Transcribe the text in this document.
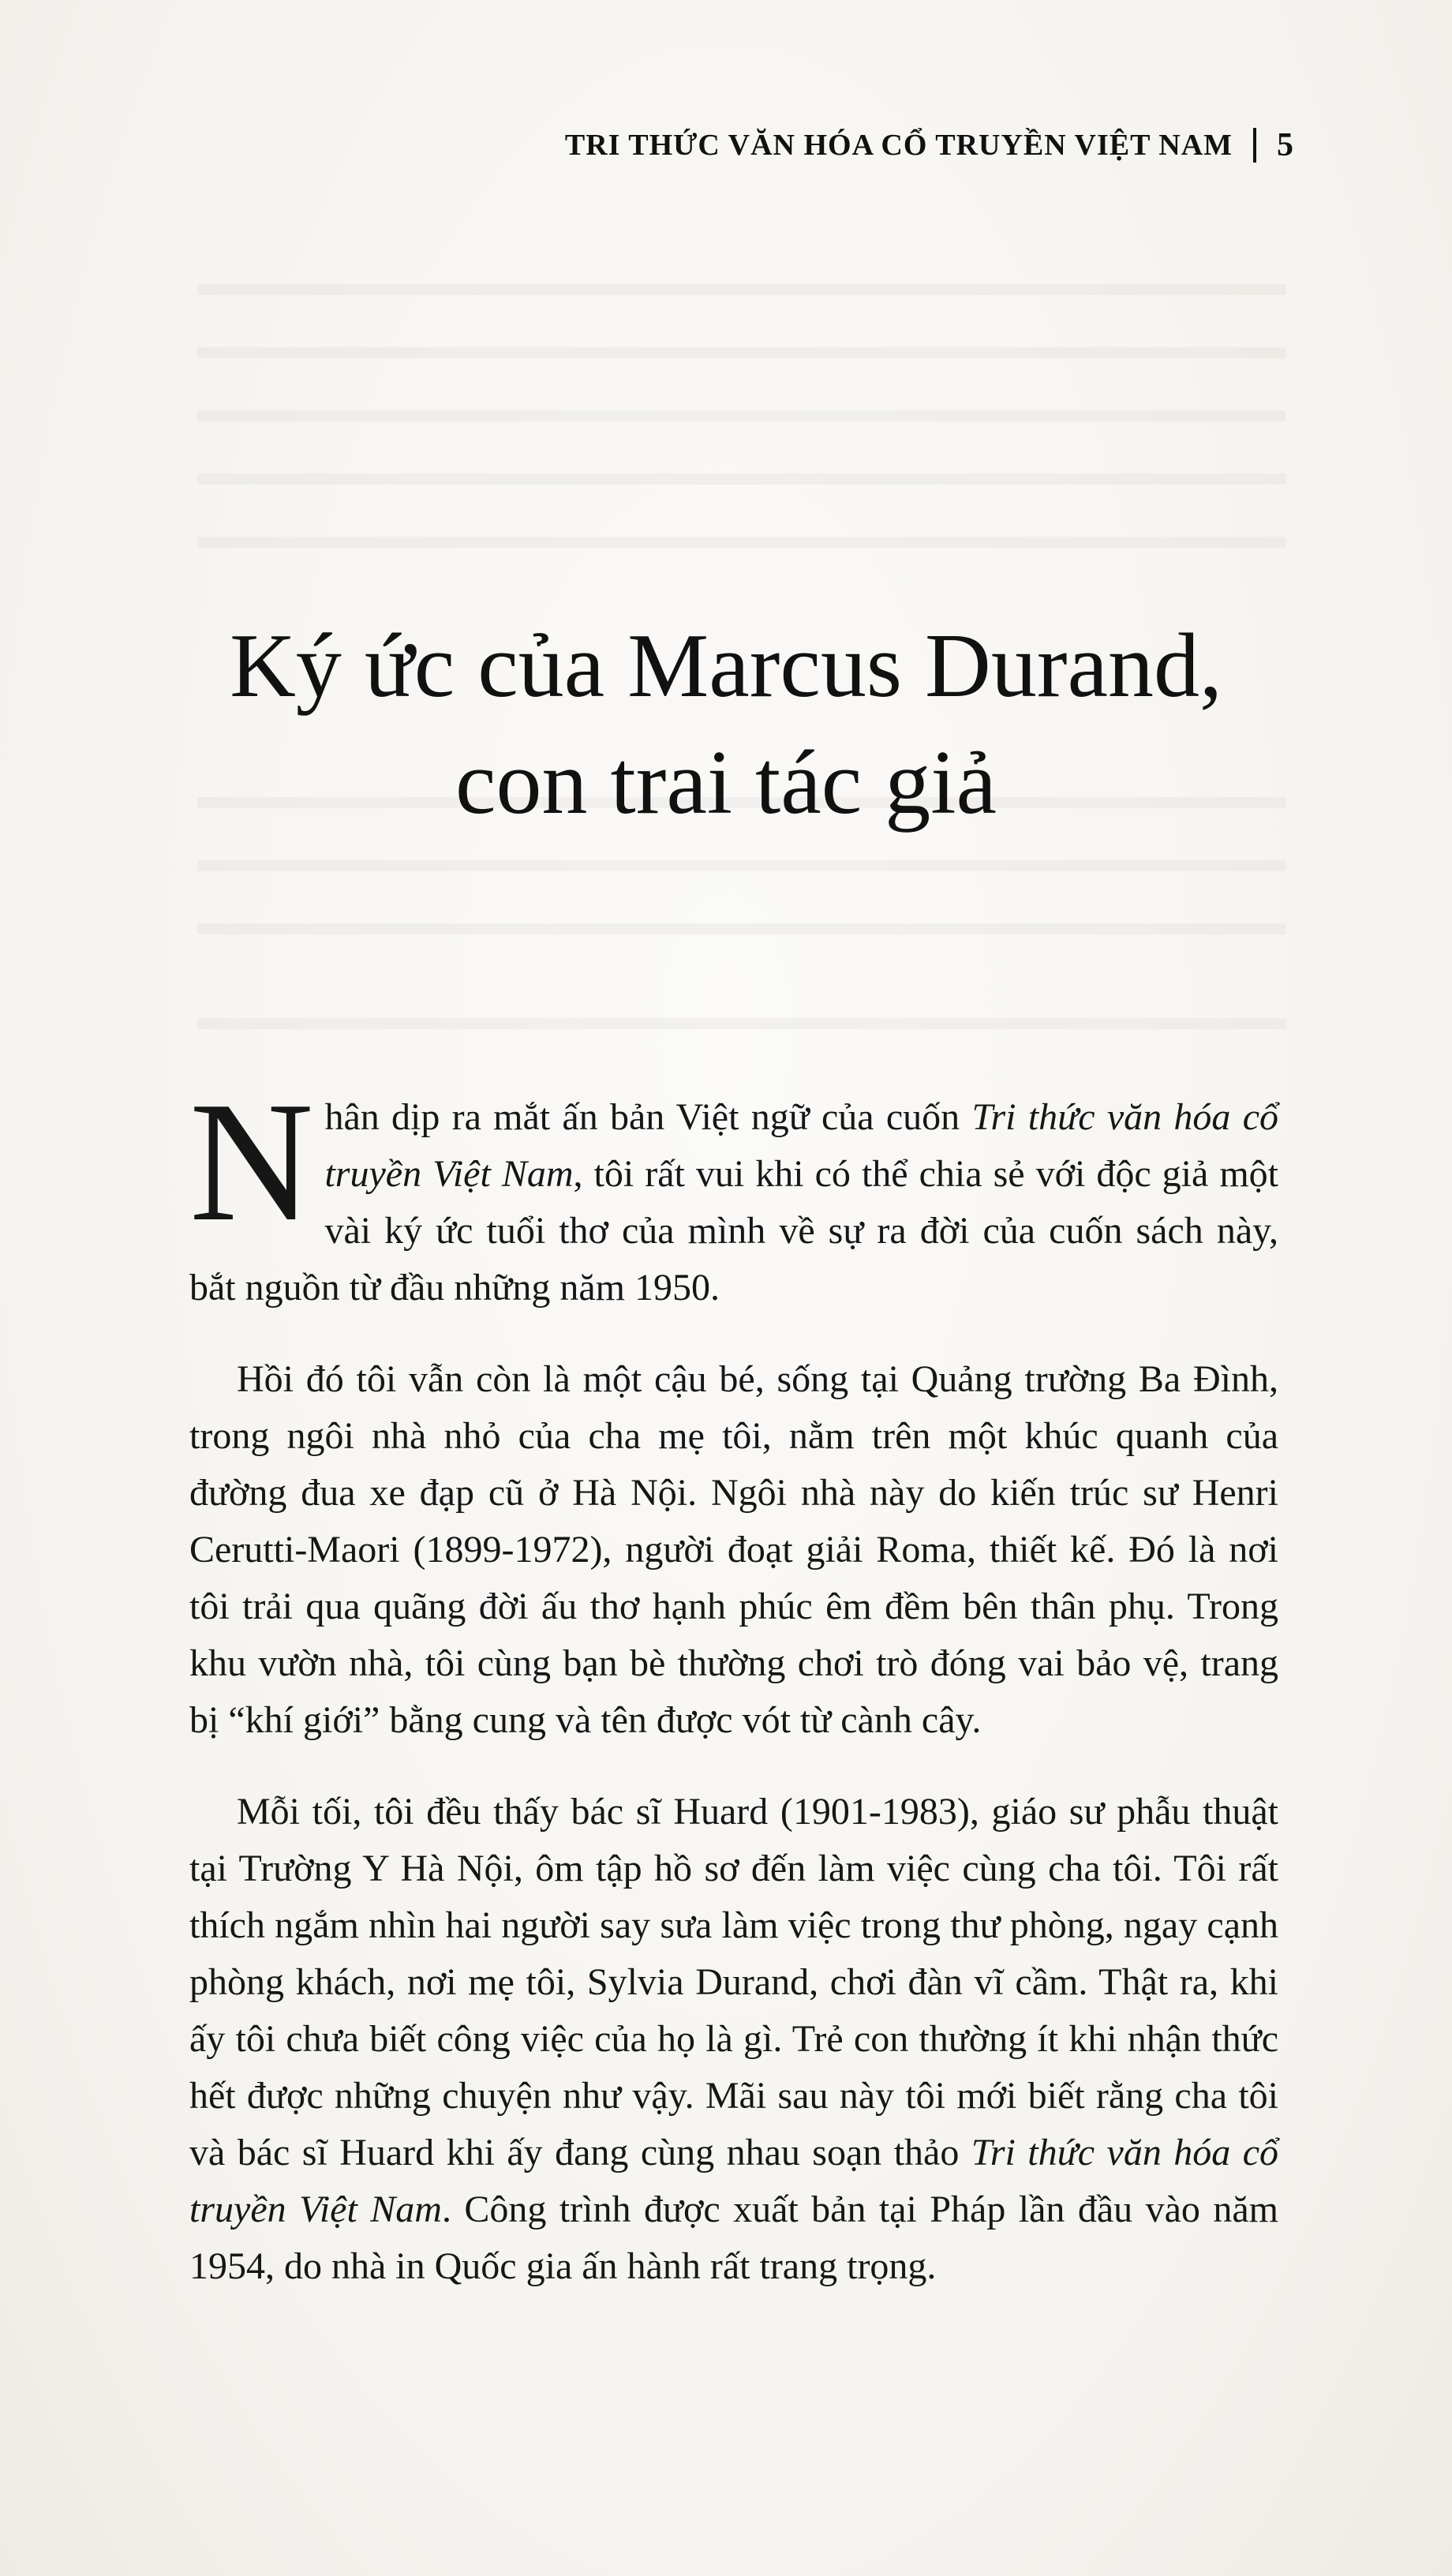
TRI THỨC VĂN HÓA CỔ TRUYỀN VIỆT NAM 5
Ký ức của Marcus Durand,
con trai tác giả

Nhân dịp ra mắt ấn bản Việt ngữ của cuốn Tri thức văn hóa cổ truyền Việt Nam, tôi rất vui khi có thể chia sẻ với độc giả một vài ký ức tuổi thơ của mình về sự ra đời của cuốn sách này, bắt nguồn từ đầu những năm 1950.

Hồi đó tôi vẫn còn là một cậu bé, sống tại Quảng trường Ba Đình, trong ngôi nhà nhỏ của cha mẹ tôi, nằm trên một khúc quanh của đường đua xe đạp cũ ở Hà Nội. Ngôi nhà này do kiến trúc sư Henri Cerutti-Maori (1899-1972), người đoạt giải Roma, thiết kế. Đó là nơi tôi trải qua quãng đời ấu thơ hạnh phúc êm đềm bên thân phụ. Trong khu vườn nhà, tôi cùng bạn bè thường chơi trò đóng vai bảo vệ, trang bị “khí giới” bằng cung và tên được vót từ cành cây.

Mỗi tối, tôi đều thấy bác sĩ Huard (1901-1983), giáo sư phẫu thuật tại Trường Y Hà Nội, ôm tập hồ sơ đến làm việc cùng cha tôi. Tôi rất thích ngắm nhìn hai người say sưa làm việc trong thư phòng, ngay cạnh phòng khách, nơi mẹ tôi, Sylvia Durand, chơi đàn vĩ cầm. Thật ra, khi ấy tôi chưa biết công việc của họ là gì. Trẻ con thường ít khi nhận thức hết được những chuyện như vậy. Mãi sau này tôi mới biết rằng cha tôi và bác sĩ Huard khi ấy đang cùng nhau soạn thảo Tri thức văn hóa cổ truyền Việt Nam. Công trình được xuất bản tại Pháp lần đầu vào năm 1954, do nhà in Quốc gia ấn hành rất trang trọng.
